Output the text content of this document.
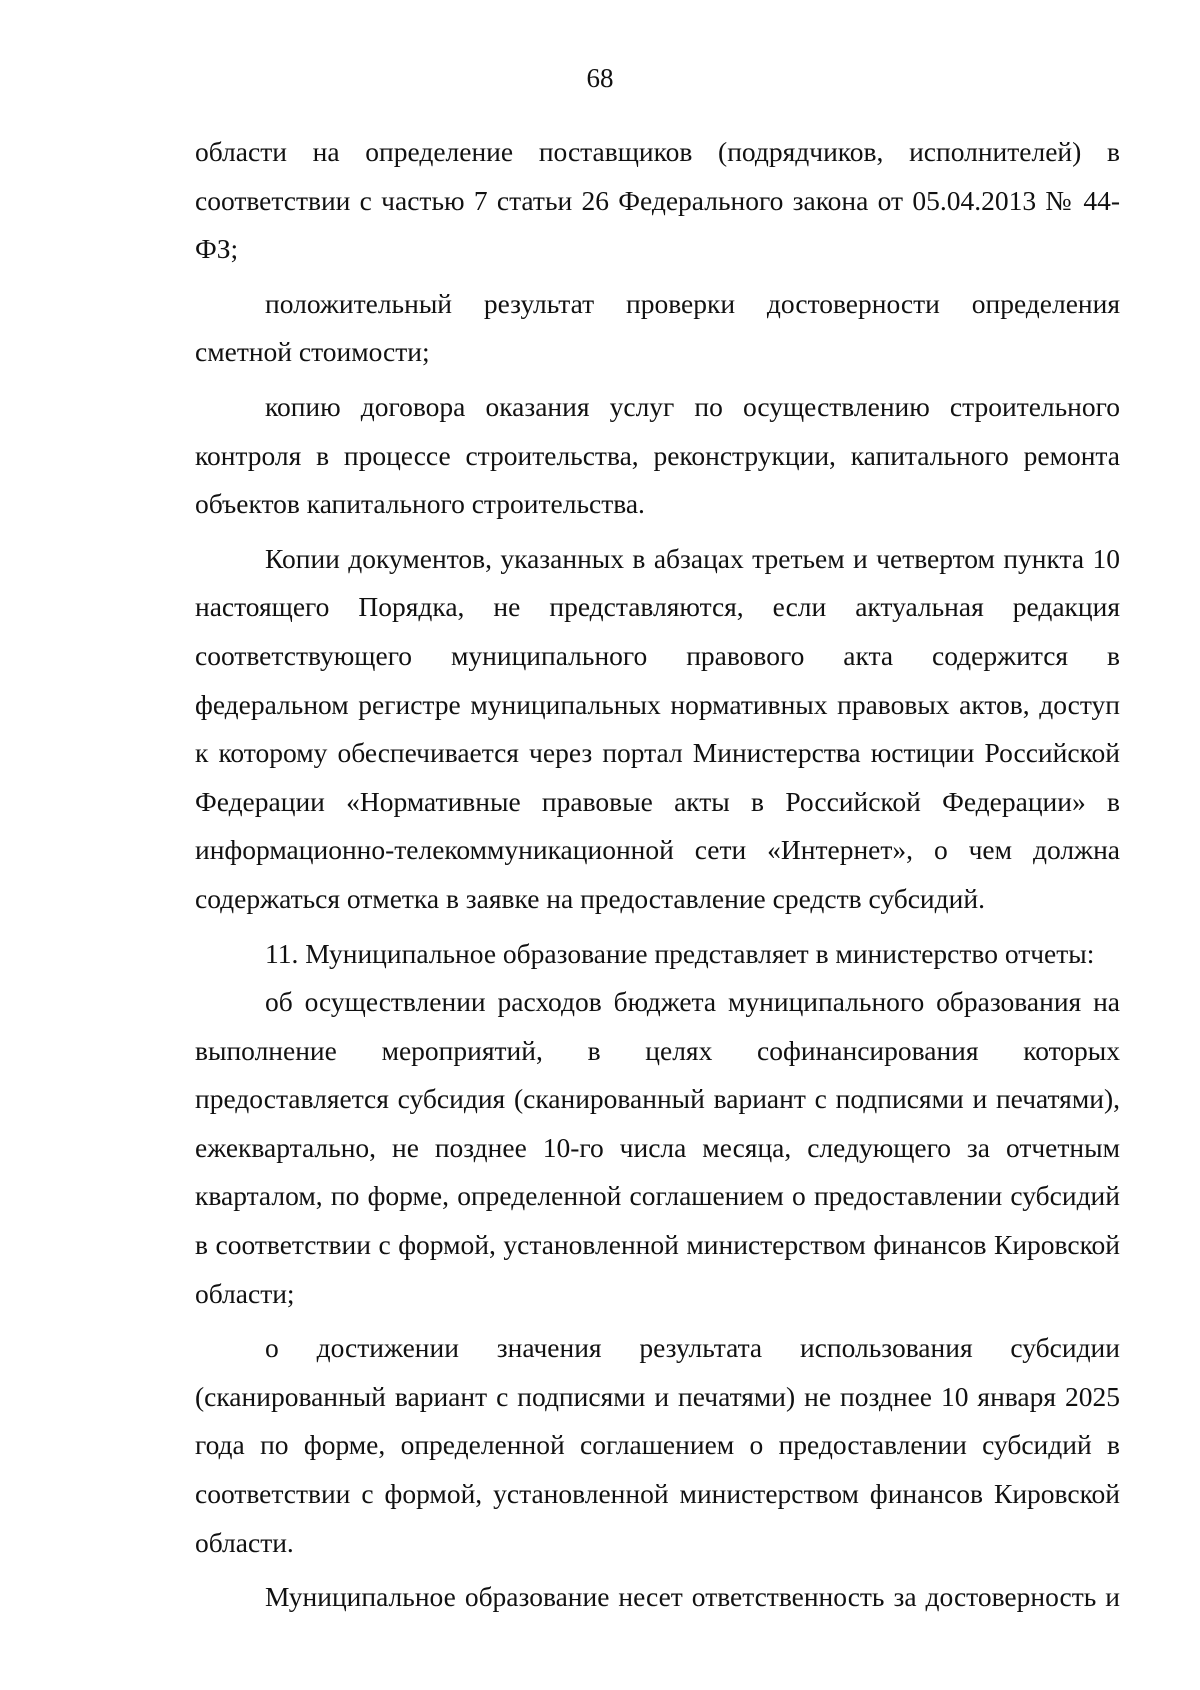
68

области на определение поставщиков (подрядчиков, исполнителей) в соответствии с частью 7 статьи 26 Федерального закона от 05.04.2013 № 44-ФЗ;

положительный результат проверки достоверности определения сметной стоимости;

копию договора оказания услуг по осуществлению строительного контроля в процессе строительства, реконструкции, капитального ремонта объектов капитального строительства.

Копии документов, указанных в абзацах третьем и четвертом пункта 10 настоящего Порядка, не представляются, если актуальная редакция соответствующего муниципального правового акта содержится в федеральном регистре муниципальных нормативных правовых актов, доступ к которому обеспечивается через портал Министерства юстиции Российской Федерации «Нормативные правовые акты в Российской Федерации» в информационно-телекоммуникационной сети «Интернет», о чем должна содержаться отметка в заявке на предоставление средств субсидий.

11. Муниципальное образование представляет в министерство отчеты:

об осуществлении расходов бюджета муниципального образования на выполнение мероприятий, в целях софинансирования которых предоставляется субсидия (сканированный вариант с подписями и печатями), ежеквартально, не позднее 10-го числа месяца, следующего за отчетным кварталом, по форме, определенной соглашением о предоставлении субсидий в соответствии с формой, установленной министерством финансов Кировской области;

о достижении значения результата использования субсидии (сканированный вариант с подписями и печатями) не позднее 10 января 2025 года по форме, определенной соглашением о предоставлении субсидий в соответствии с формой, установленной министерством финансов Кировской области.

Муниципальное образование несет ответственность за достоверность и
